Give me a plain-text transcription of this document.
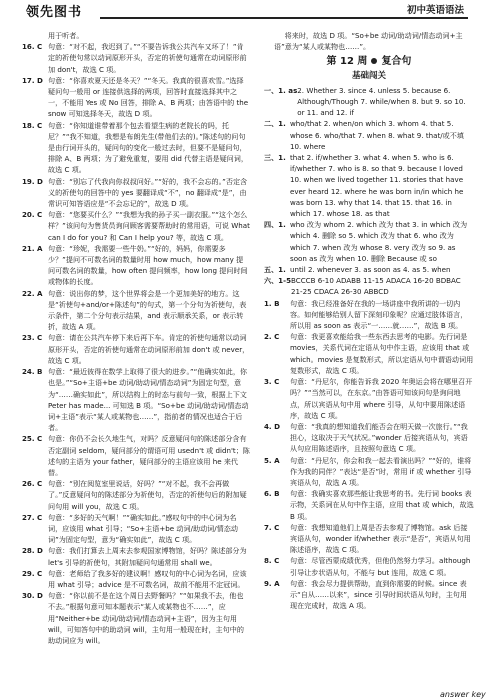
领先图书	初中英语语法
用于听者。
16. C 句意：“对不起，我迟到了。”“不要告诉我公共汽车又坏了！”肯定的祈使句常以动词原形开头，否定的祈使句通常在动词原形前加 don't，故选 C 项。
17. D 句意：“你喜欢夏天还是冬天？”“冬天。我真的很喜欢雪。”选择疑问句一般用 or 连接供选择的两项，回答时直接选择其中之一，不能用 Yes 或 No 回答，排除 A、B 两项；由答语中的 the snow 可知选择冬天，故选 D 项。
18. C 句意：“你知道谁带着那个包去看望生病的老院长的吗，托尼？”“我不知道，我想是布朗先生(带他们去的)。”陈述句的问句是由行词开头的，疑问句的变化一般过去时，但要不是疑问句，排除 A、B 两项；为了避免重复，要用 did 代替主语是疑问词，故选 C 项。
19. D 句意：“别忘了代我向你叔叔问好。”“好的，我不会忘的。”否定含义的祈使句的回答中的 yes 要翻译成“不”，no 翻译成“是”，由常识可知答语应是“不会忘记的”，故选 D 项。
20. C 句意：“您要买什么？”“我想为我的孙子买一副衣服。”“这个怎么样？”该问句为售货员询问顾客需要帮助时的常用语，可说 What can I do for you? 和 Can I help you? 等，故选 C 项。
21. A 句意：“珍妮，我需要一些牛奶。”“好的，妈妈，你需要多少？”提问不可数名词的数量时用 how much，how many 提问可数名词的数量，how often 提问频率，how long 提问时间或物体的长度。
22. A 句意：说出你的梦，这个世界将会是一个更加美好的地方。这是“祈使句+and/or+陈述句”的句式，第一个分句为祈使句，表示条件，第二个分句表示结果，and 表示顺承关系，or 表示转折，故选 A 项。
23. C 句意：请在公共汽车停下来后再下车。肯定的祈使句通常以动词原形开头，否定的祈使句通常在动词原形前加 don't 或 never，故选 C 项。
24. B 句意：“最近彼得在数学上取得了很大的进步。”“他确实如此，你也是。”“So+主语+be 动词/助动词/情态动词”为固定句型，意为“……确实如此”，所以结构上的时态与前句一致，根据上下文 Peter has made... 可知选 B 项。“So+be 动词/助动词/情态动词+主语”表示“某人或某物也……”，指前者的情况也适合于后者。
25. C 句意：你仍不会长久地生气，对吗？反意疑问句的陈述部分含有否定副词 seldom，疑问部分的谓语可用 usedn't 或 didn't；陈述句的主语为 your father，疑问部分的主语应该用 he 来代替。
26. C 句意：“别在阅览室里说话，好吗？”“对不起，我不会再做了。”反意疑问句的陈述部分为祈使句，否定的祈使句后的附加疑问句用 will you，故选 C 项。
27. C 句意：“多好的天气啊！”“确实如此。”感叹句中的中心词为名词，应该用 what 引导；“So+主语+be 动词/助动词/情态动词”为固定句型，意为“确实如此”，故选 C 项。
28. D 句意：我们打算去上周末去参观国家博物馆，好吗？陈述部分为 let's 引导的祈使句，其附加疑问句通常用 shall we。
29. C 句意：老师给了我多好的建议啊！感叹句的中心词为名词，应该用 what 引导；advice 是不可数名词，故前不能用不定冠词。
30. D 句意：“你以前不是在这个周日去野餐吗？”“如果我不去，他也不去。”根据句意可知本题表示“某人或某物也不……”，应用“Neither+be 动词/助动词/情态动词+主语”，因为主句用 will，可知答句中的助动词 will，主句用一般现在时，主句中的助动词应为 will。
将来时，故选 D 项。“So+be 动词/助动词/情态动词+主语”意为“某人或某物也……”。
第 12 周 复合句
基础闯关
一、1. as 2. Whether 3. since 4. unless 5. because 6. Although/Though 7. while/when 8. but 9. so 10. or 11. and 12. if
二、1. who/that 2. when/on which 3. whom 4. that 5. whose 6. who/that 7. when 8. what 9. that/或不填 10. where
三、1. that 2. if/whether 3. what 4. when 5. who is 6. if/whether 7. who is 8. so that 9. because I loved 10. when we lived together 11. stories that have ever heard 12. where he was born in/in which he was born 13. why that 14. that 15. that 16. in which 17. whose 18. as that
四、1. who 改为 whom 2. which 改为 that 3. in which 改为 which 4. 删除 so 5. which 改为 that 6. who 改为 which 7. when 改为 whose 8. very 改为 so 9. as soon as 改为 when 10. 删除 Because 或 so
五、1. until 2. whenever 3. as soon as 4. as 5. when
六、1-5 BCCCB 6-10 ADABB 11-15 ADACA 16-20 BDBAC 21-25 CDACA 26-30 ABBCD
1. B	句意：我已经准备好在我的一场讲座中我所讲的一切内容。如何能够给别人留下深刻印象呢？应通过肢体语言，所以用 as soon as 表示“一……就……”，故选 B 项。
2. C	句意：我更喜欢能给我一些东西去思考的电影。先行词是 movies，关系代词在定语从句中作主语，应该用 that 或 which。movies 是复数形式，所以定语从句中谓语动词用复数形式，故选 C 项。
3. C	句意：“丹尼尔，你能告诉我 2020 年奥运会将在哪里召开吗？”“当然可以，在东京。”由答语可知该问句是询问地点，所以宾语从句中用 where 引导，从句中要用陈述语序，故选 C 项。
4. D	句意：“我真的想知道我们能否会在明天做一次旅行。”“我担心，这取决于天气状况。”wonder 后接宾语从句，宾语从句应用陈述语序，且按照句意选 C 项。
5. A	句意：“丹尼尔，你会和我一起去看演出吗？”“好的，谁将作为我的同伴？”表达“是否”时，常用 if 或 whether 引导宾语从句，故选 A 项。
6. B	句意：我确实喜欢那些能让我思考的书。先行词 books 表示物，关系词在从句中作主语，应用 that 或 which，故选 B 项。
7. C	句意：我想知道他们上周是否去参观了博物馆。ask 后接宾语从句，wonder if/whether 表示“是否”，宾语从句用陈述语序，故选 C 项。
8. C	句意：尽管西蒙成绩优秀，但他仍然努力学习。although 引导让步状语从句，不能与 but 连用，故选 C 项。
9. A	句意：我会尽力提供帮助，直到你需要的时候。since 表示“自从……以来”，since 引导时间状语从句时，主句用现在完成时，故选 A 项。
answer key
